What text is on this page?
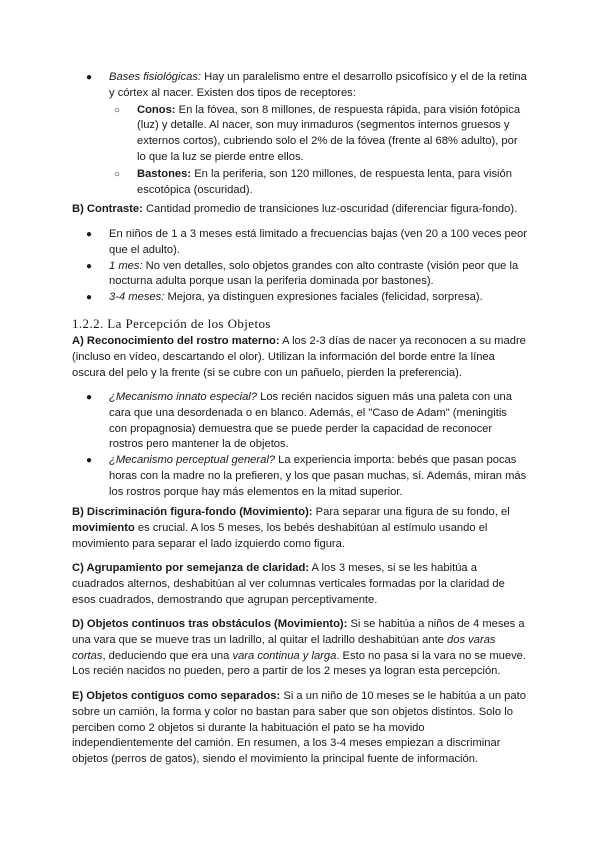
● Bases fisiológicas: Hay un paralelismo entre el desarrollo psicofísico y el de la retina y córtex al nacer. Existen dos tipos de receptores:
○ Conos: En la fóvea, son 8 millones, de respuesta rápida, para visión fotópica (luz) y detalle. Al nacer, son muy inmaduros (segmentos internos gruesos y externos cortos), cubriendo solo el 2% de la fóvea (frente al 68% adulto), por lo que la luz se pierde entre ellos.
○ Bastones: En la periferia, son 120 millones, de respuesta lenta, para visión escotópica (oscuridad).
B) Contraste: Cantidad promedio de transiciones luz-oscuridad (diferenciar figura-fondo).
● En niños de 1 a 3 meses está limitado a frecuencias bajas (ven 20 a 100 veces peor que el adulto).
● 1 mes: No ven detalles, solo objetos grandes con alto contraste (visión peor que la nocturna adulta porque usan la periferia dominada por bastones).
● 3-4 meses: Mejora, ya distinguen expresiones faciales (felicidad, sorpresa).
1.2.2. La Percepción de los Objetos
A) Reconocimiento del rostro materno: A los 2-3 días de nacer ya reconocen a su madre (incluso en vídeo, descartando el olor). Utilizan la información del borde entre la línea oscura del pelo y la frente (si se cubre con un pañuelo, pierden la preferencia).
● ¿Mecanismo innato especial? Los recién nacidos siguen más una paleta con una cara que una desordenada o en blanco. Además, el "Caso de Adam" (meningitis con propagnosia) demuestra que se puede perder la capacidad de reconocer rostros pero mantener la de objetos.
● ¿Mecanismo perceptual general? La experiencia importa: bebés que pasan pocas horas con la madre no la prefieren, y los que pasan muchas, sí. Además, miran más los rostros porque hay más elementos en la mitad superior.
B) Discriminación figura-fondo (Movimiento): Para separar una figura de su fondo, el movimiento es crucial. A los 5 meses, los bebés deshabitúan al estímulo usando el movimiento para separar el lado izquierdo como figura.
C) Agrupamiento por semejanza de claridad: A los 3 meses, si se les habitúa a cuadrados alternos, deshabitúan al ver columnas verticales formadas por la claridad de esos cuadrados, demostrando que agrupan perceptivamente.
D) Objetos continuos tras obstáculos (Movimiento): Si se habitúa a niños de 4 meses a una vara que se mueve tras un ladrillo, al quitar el ladrillo deshabitúan ante dos varas cortas, deduciendo que era una vara continua y larga. Esto no pasa si la vara no se mueve. Los recién nacidos no pueden, pero a partir de los 2 meses ya logran esta percepción.
E) Objetos contiguos como separados: Si a un niño de 10 meses se le habitúa a un pato sobre un camión, la forma y color no bastan para saber que son objetos distintos. Solo lo perciben como 2 objetos si durante la habituación el pato se ha movido independientemente del camión. En resumen, a los 3-4 meses empiezan a discriminar objetos (perros de gatos), siendo el movimiento la principal fuente de información.
